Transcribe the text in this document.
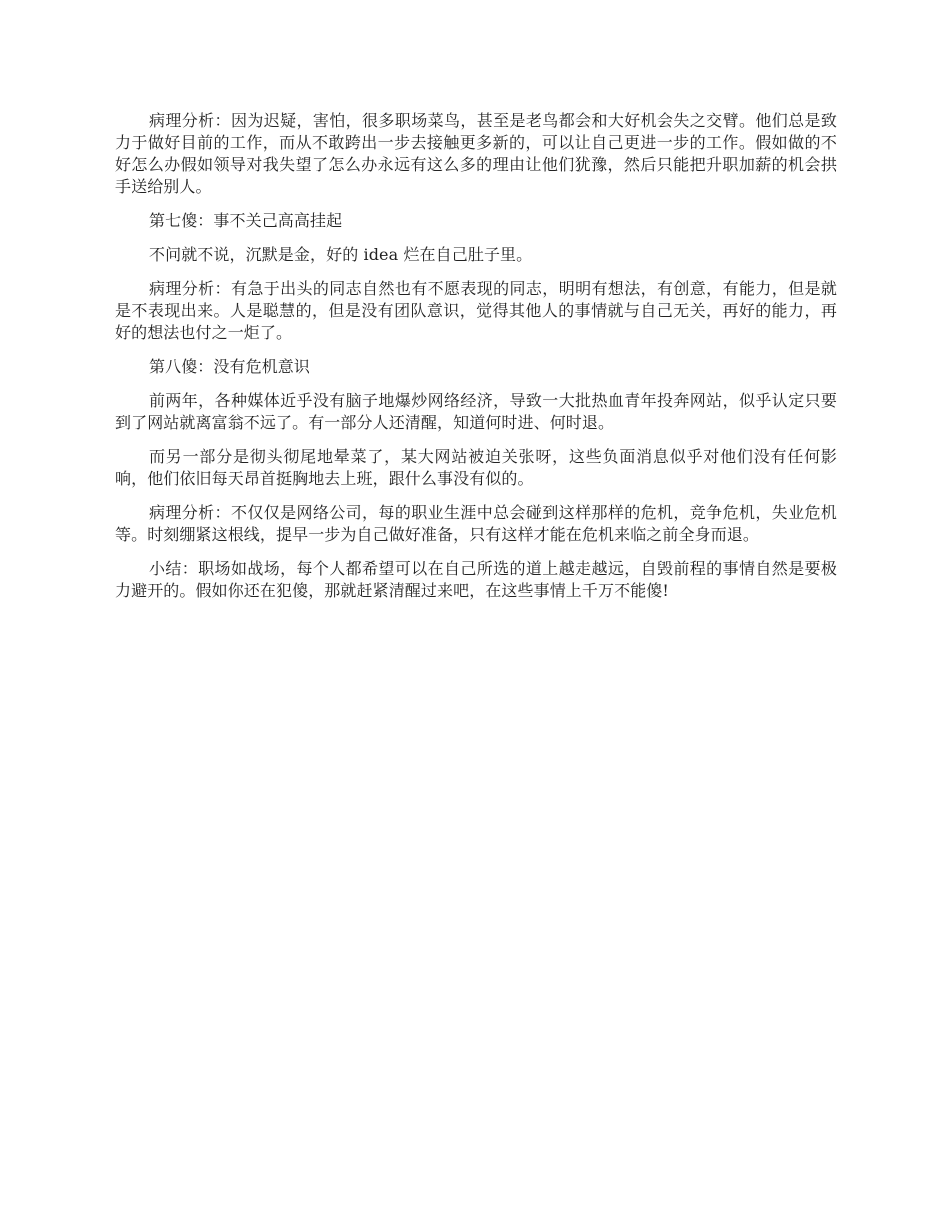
病理分析：因为迟疑，害怕，很多职场菜鸟，甚至是老鸟都会和大好机会失之交臂。他们总是致力于做好目前的工作，而从不敢跨出一步去接触更多新的，可以让自己更进一步的工作。假如做的不好怎么办假如领导对我失望了怎么办永远有这么多的理由让他们犹豫，然后只能把升职加薪的机会拱手送给别人。

第七傻：事不关己高高挂起

不问就不说，沉默是金，好的 idea 烂在自己肚子里。

病理分析：有急于出头的同志自然也有不愿表现的同志，明明有想法，有创意，有能力，但是就是不表现出来。人是聪慧的，但是没有团队意识，觉得其他人的事情就与自己无关，再好的能力，再好的想法也付之一炬了。

第八傻：没有危机意识

前两年，各种媒体近乎没有脑子地爆炒网络经济，导致一大批热血青年投奔网站，似乎认定只要到了网站就离富翁不远了。有一部分人还清醒，知道何时进、何时退。

而另一部分是彻头彻尾地晕菜了，某大网站被迫关张呀，这些负面消息似乎对他们没有任何影响，他们依旧每天昂首挺胸地去上班，跟什么事没有似的。

病理分析：不仅仅是网络公司，每的职业生涯中总会碰到这样那样的危机，竞争危机，失业危机等。时刻绷紧这根线，提早一步为自己做好准备，只有这样才能在危机来临之前全身而退。

小结：职场如战场，每个人都希望可以在自己所选的道上越走越远，自毁前程的事情自然是要极力避开的。假如你还在犯傻，那就赶紧清醒过来吧，在这些事情上千万不能傻!
